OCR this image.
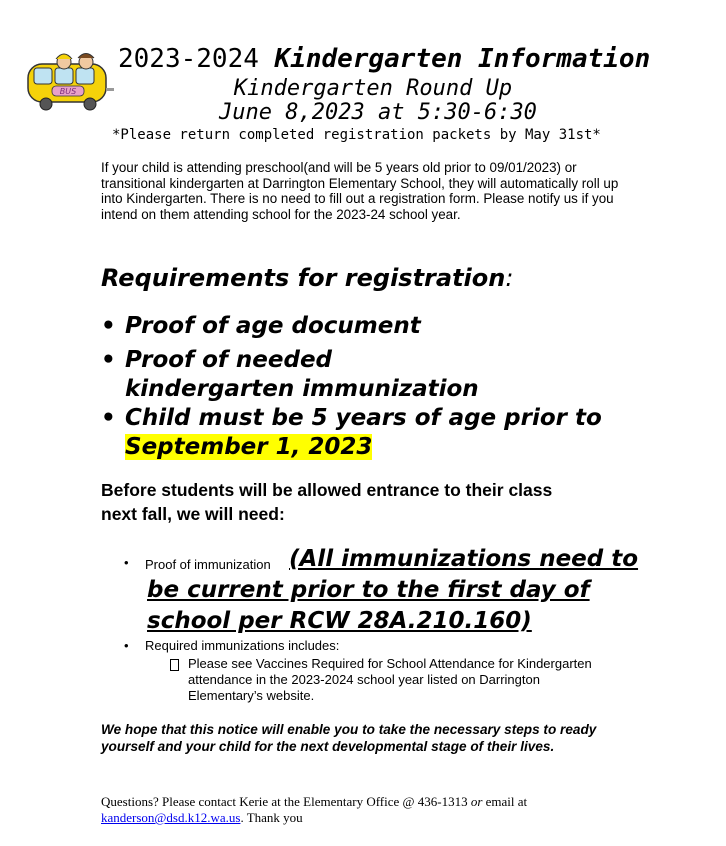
BUS
2023-2024 Kindergarten Information
Kindergarten Round Up
June 8,2023 at 5:30-6:30
*Please return completed registration packets by May 31st*
If your child is attending preschool(and will be 5 years old prior to 09/01/2023) or transitional kindergarten at Darrington Elementary School, they will automatically roll up into Kindergarten. There is no need to fill out a registration form. Please notify us if you intend on them attending school for the 2023-24 school year.
Requirements for registration:
• Proof of age document
• Proof of needed kindergarten immunization
• Child must be 5 years of age prior to
September 1, 2023
Before students will be allowed entrance to their class next fall, we will need:
• Proof of immunization (All immunizations need to be current prior to the first day of school per RCW 28A.210.160)
• Required immunizations includes:
Please see Vaccines Required for School Attendance for Kindergarten attendance in the 2023-2024 school year listed on Darrington Elementary’s website.
We hope that this notice will enable you to take the necessary steps to ready yourself and your child for the next developmental stage of their lives.
Questions? Please contact Kerie at the Elementary Office @ 436-1313 or email at
kanderson@dsd.k12.wa.us. Thank you
